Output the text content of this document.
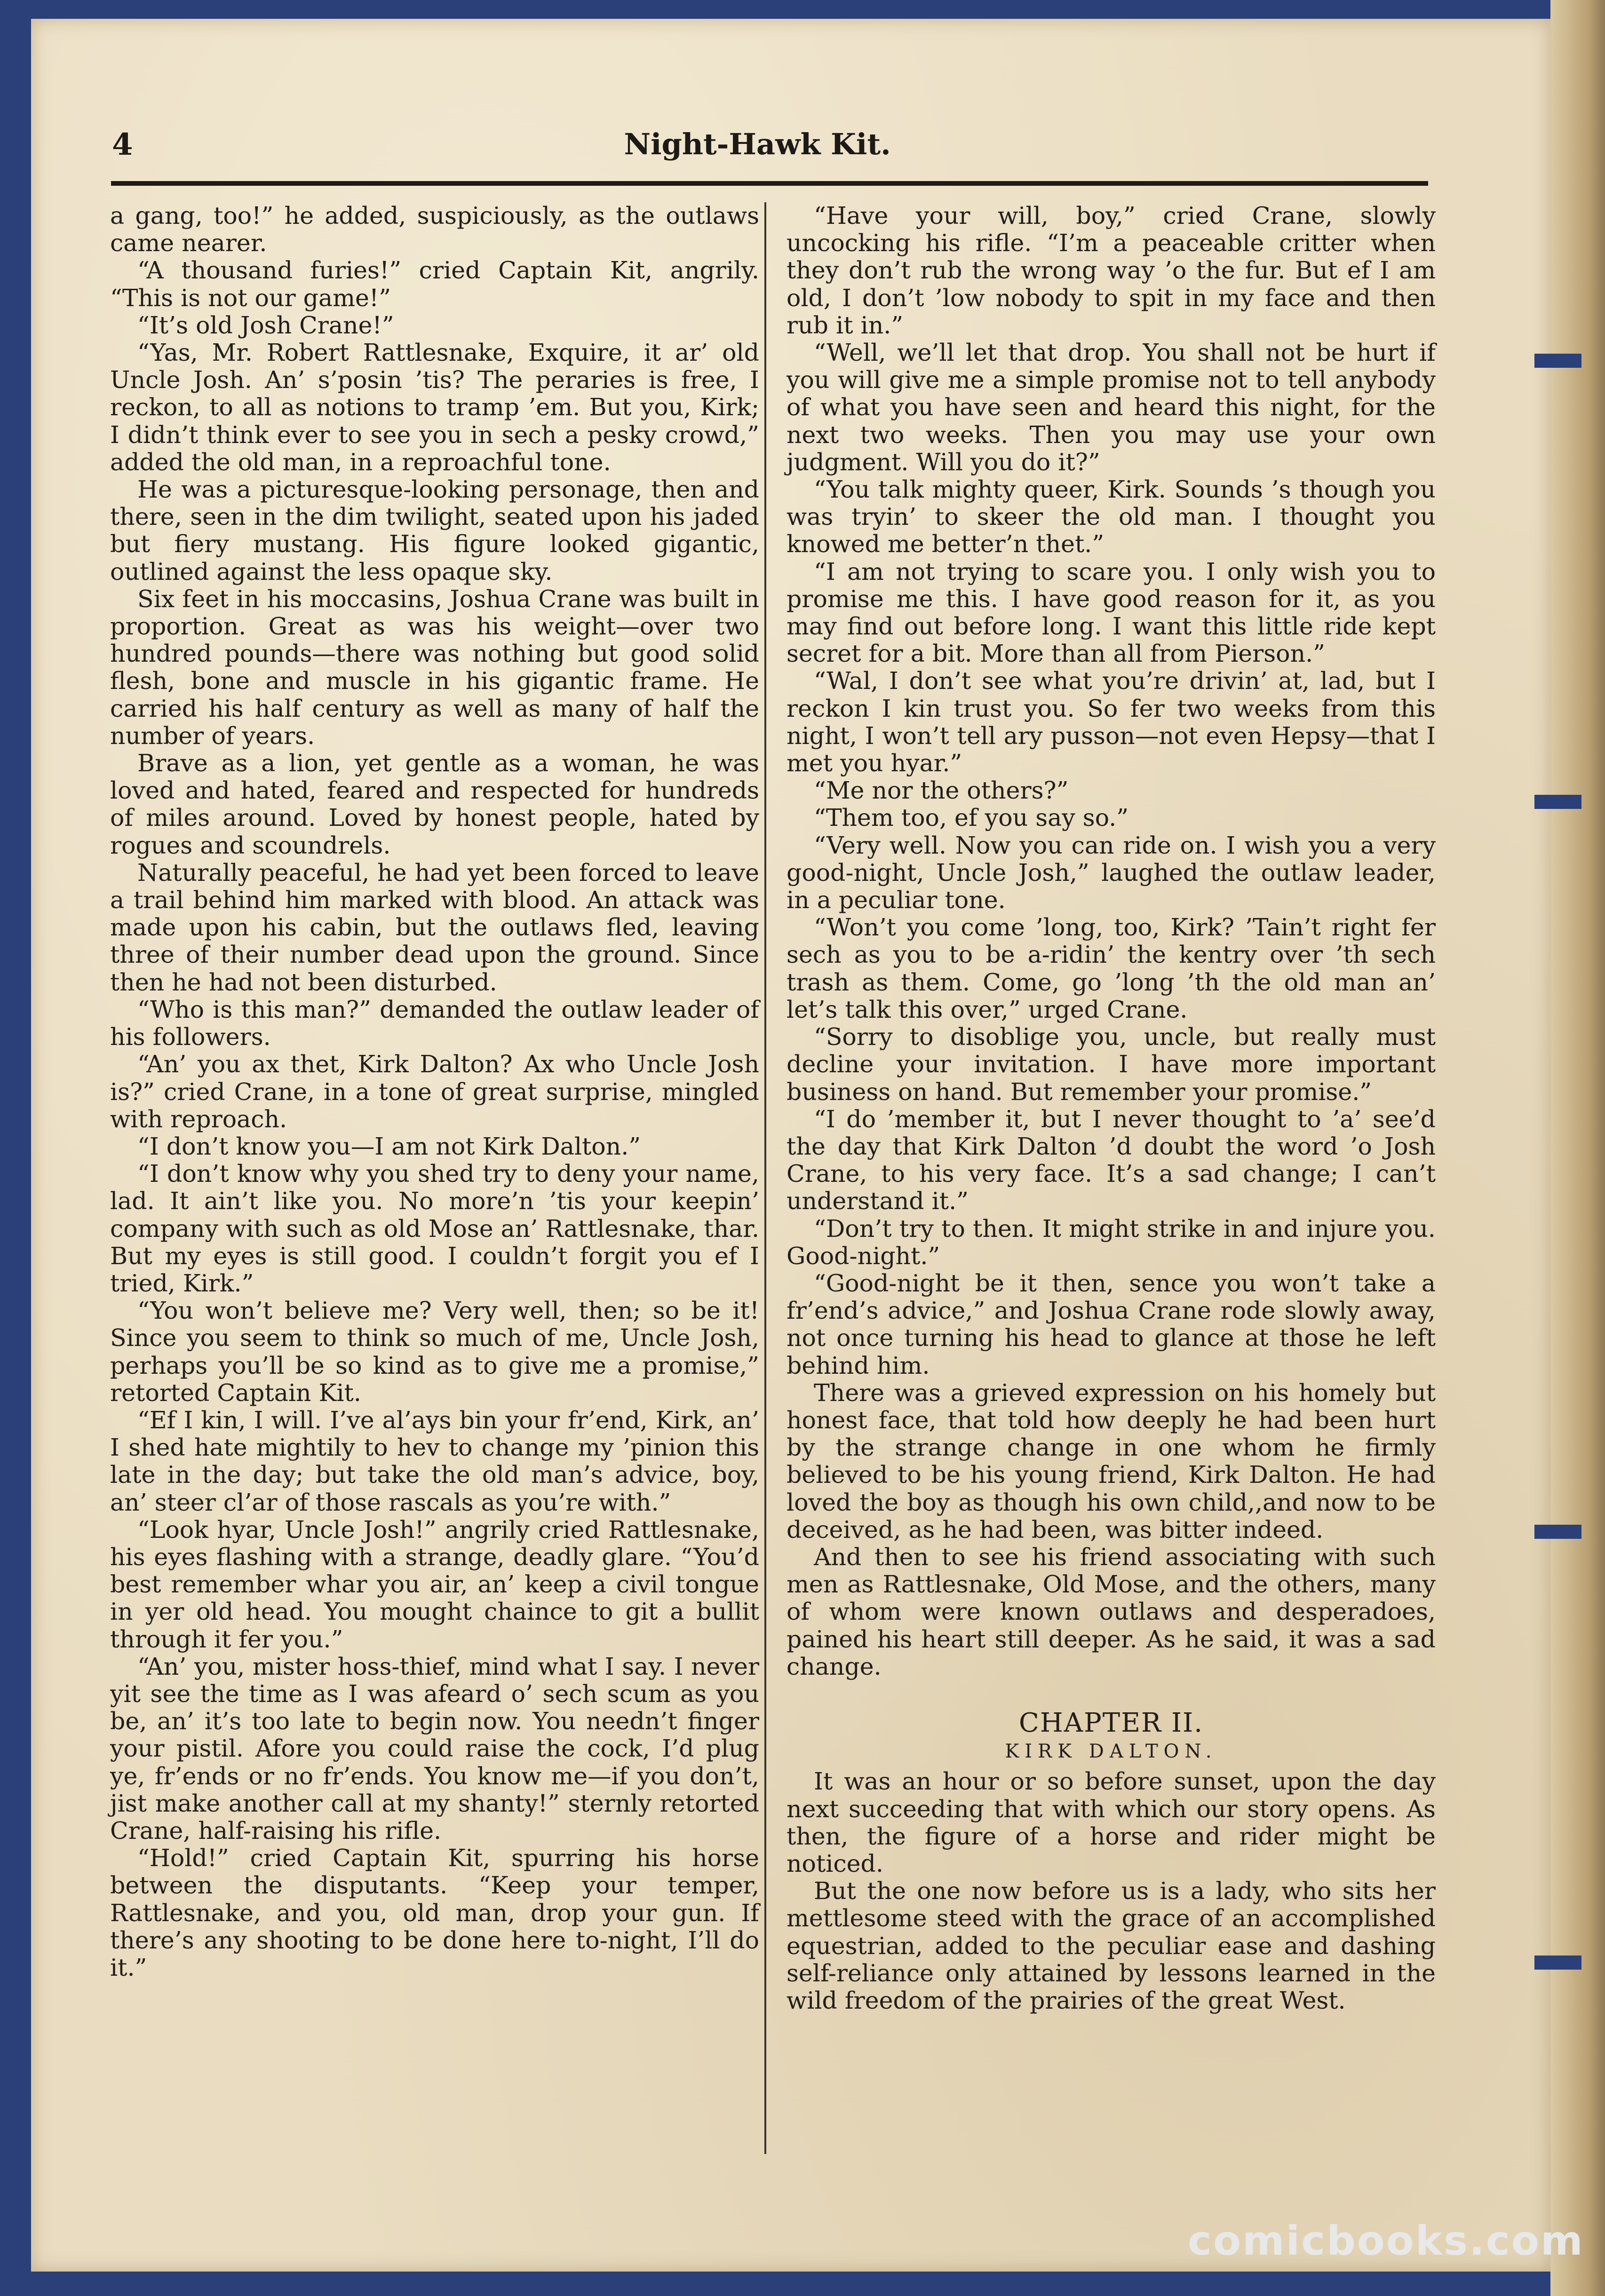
4	Night-Hawk Kit.

a gang, too!” he added, suspiciously, as the outlaws came nearer.

“A thousand furies!” cried Captain Kit, angrily. “This is not our game!”

“It’s old Josh Crane!”

“Yas, Mr. Robert Rattlesnake, Exquire, it ar’ old Uncle Josh. An’ s’posin ’tis? The peraries is free, I reckon, to all as notions to tramp ’em. But you, Kirk; I didn’t think ever to see you in sech a pesky crowd,” added the old man, in a reproachful tone.

He was a picturesque-looking personage, then and there, seen in the dim twilight, seated upon his jaded but fiery mustang. His figure looked gigantic, outlined against the less opaque sky.

Six feet in his moccasins, Joshua Crane was built in proportion. Great as was his weight—over two hundred pounds—there was nothing but good solid flesh, bone and muscle in his gigantic frame. He carried his half century as well as many of half the number of years.

Brave as a lion, yet gentle as a woman, he was loved and hated, feared and respected for hundreds of miles around. Loved by honest people, hated by rogues and scoundrels.

Naturally peaceful, he had yet been forced to leave a trail behind him marked with blood. An attack was made upon his cabin, but the outlaws fled, leaving three of their number dead upon the ground. Since then he had not been disturbed.

“Who is this man?” demanded the outlaw leader of his followers.

“An’ you ax thet, Kirk Dalton? Ax who Uncle Josh is?” cried Crane, in a tone of great surprise, mingled with reproach.

“I don’t know you—I am not Kirk Dalton.”

“I don’t know why you shed try to deny your name, lad. It ain’t like you. No more’n ’tis your keepin’ company with such as old Mose an’ Rattlesnake, thar. But my eyes is still good. I couldn’t forgit you ef I tried, Kirk.”

“You won’t believe me? Very well, then; so be it! Since you seem to think so much of me, Uncle Josh, perhaps you’ll be so kind as to give me a promise,” retorted Captain Kit.

“Ef I kin, I will. I’ve al’ays bin your fr’end, Kirk, an’ I shed hate mightily to hev to change my ’pinion this late in the day; but take the old man’s advice, boy, an’ steer cl’ar of those rascals as you’re with.”

“Look hyar, Uncle Josh!” angrily cried Rattlesnake, his eyes flashing with a strange, deadly glare. “You’d best remember whar you air, an’ keep a civil tongue in yer old head. You mought chaince to git a bullit through it fer you.”

“An’ you, mister hoss-thief, mind what I say. I never yit see the time as I was afeard o’ sech scum as you be, an’ it’s too late to begin now. You needn’t finger your pistil. Afore you could raise the cock, I’d plug ye, fr’ends or no fr’ends. You know me—if you don’t, jist make another call at my shanty!” sternly retorted Crane, half-raising his rifle.

“Hold!” cried Captain Kit, spurring his horse between the disputants. “Keep your temper, Rattlesnake, and you, old man, drop your gun. If there’s any shooting to be done here to-night, I’ll do it.”

“Have your will, boy,” cried Crane, slowly uncocking his rifle. “I’m a peaceable critter when they don’t rub the wrong way ’o the fur. But ef I am old, I don’t ’low nobody to spit in my face and then rub it in.”

“Well, we’ll let that drop. You shall not be hurt if you will give me a simple promise not to tell anybody of what you have seen and heard this night, for the next two weeks. Then you may use your own judgment. Will you do it?”

“You talk mighty queer, Kirk. Sounds ’s though you was tryin’ to skeer the old man. I thought you knowed me better’n thet.”

“I am not trying to scare you. I only wish you to promise me this. I have good reason for it, as you may find out before long. I want this little ride kept secret for a bit. More than all from Pierson.”

“Wal, I don’t see what you’re drivin’ at, lad, but I reckon I kin trust you. So fer two weeks from this night, I won’t tell ary pusson—not even Hepsy—that I met you hyar.”

“Me nor the others?”

“Them too, ef you say so.”

“Very well. Now you can ride on. I wish you a very good-night, Uncle Josh,” laughed the outlaw leader, in a peculiar tone.

“Won’t you come ’long, too, Kirk? ’Tain’t right fer sech as you to be a-ridin’ the kentry over ’th sech trash as them. Come, go ’long ’th the old man an’ let’s talk this over,” urged Crane.

“Sorry to disoblige you, uncle, but really must decline your invitation. I have more important business on hand. But remember your promise.”

“I do ’member it, but I never thought to ’a’ see’d the day that Kirk Dalton ’d doubt the word ’o Josh Crane, to his very face. It’s a sad change; I can’t understand it.”

“Don’t try to then. It might strike in and injure you. Good-night.”

“Good-night be it then, sence you won’t take a fr’end’s advice,” and Joshua Crane rode slowly away, not once turning his head to glance at those he left behind him.

There was a grieved expression on his homely but honest face, that told how deeply he had been hurt by the strange change in one whom he firmly believed to be his young friend, Kirk Dalton. He had loved the boy as though his own child,,and now to be deceived, as he had been, was bitter indeed.

And then to see his friend associating with such men as Rattlesnake, Old Mose, and the others, many of whom were known outlaws and desperadoes, pained his heart still deeper. As he said, it was a sad change.

CHAPTER II.
KIRK DALTON.

It was an hour or so before sunset, upon the day next succeeding that with which our story opens. As then, the figure of a horse and rider might be noticed.

But the one now before us is a lady, who sits her mettlesome steed with the grace of an accomplished equestrian, added to the peculiar ease and dashing self-reliance only attained by lessons learned in the wild freedom of the prairies of the great West.

comicbooks.com
